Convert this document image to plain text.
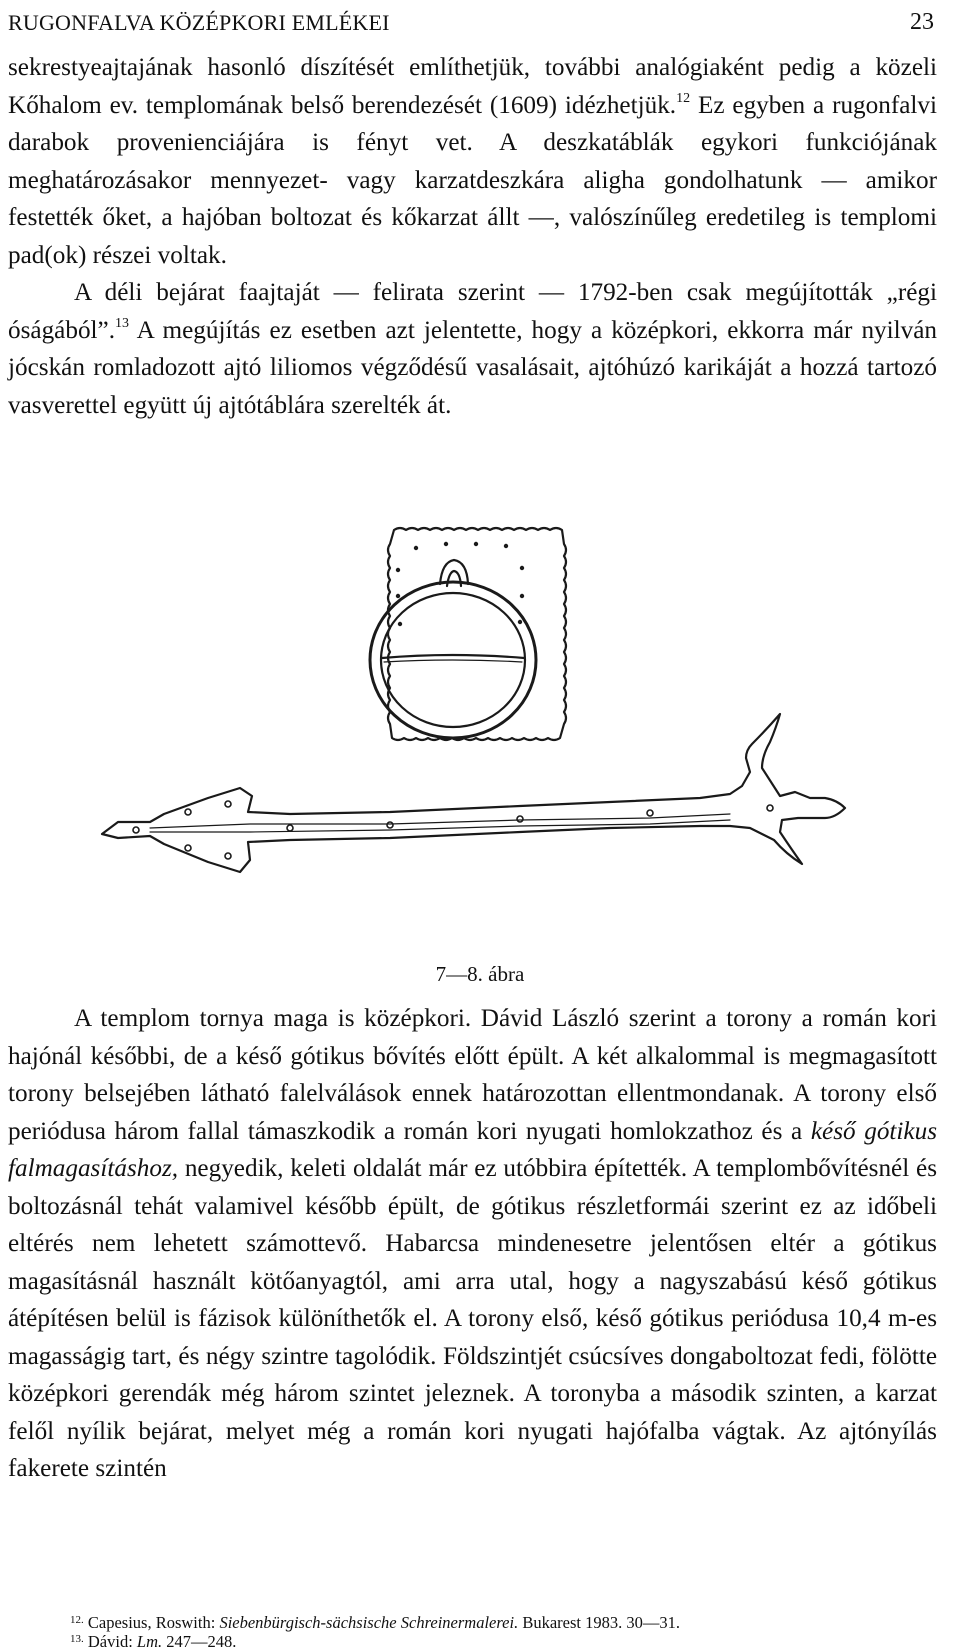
RUGONFALVA KÖZÉPKORI EMLÉKEI	23

sekrestyeajtajának hasonló díszítését említhetjük, további analógiaként pedig a közeli Kőhalom ev. templomának belső berendezését (1609) idézhetjük.$^{12}$ Ez egyben a rugonfalvi darabok provenienciájára is fényt vet. A deszkatáblák egykori funkciójának meghatározásakor mennyezet- vagy karzatdeszkára aligha gondolhatunk — amikor festették őket, a hajóban boltozat és kőkarzat állt —, valószínűleg eredetileg is templomi pad(ok) részei voltak.
A déli bejárat faajtaját — felirata szerint — 1792-ben csak megújították „régi óságából”.$^{13}$ A megújítás ez esetben azt jelentette, hogy a középkori, ekkorra már nyilván jócskán romladozott ajtó liliomos végződésű vasalásait, ajtóhúzó karikáját a hozzá tartozó vasverettel együtt új ajtótáblára szerelték át.

7—8. ábra

A templom tornya maga is középkori. Dávid László szerint a torony a román kori hajónál későbbi, de a késő gótikus bővítés előtt épült. A két alkalommal is megmagasított torony belsejében látható falelválások ennek határozottan ellentmondanak. A torony első periódusa három fallal támaszkodik a román kori nyugati homlokzathoz és a késő gótikus falmagasításhoz, negyedik, keleti oldalát már ez utóbbira építették. A templombővítésnél és boltozásnál tehát valamivel később épült, de gótikus részletformái szerint ez az időbeli eltérés nem lehetett számottevő. Habarcsa mindenesetre jelentősen eltér a gótikus magasításnál használt kötőanyagtól, ami arra utal, hogy a nagyszabású késő gótikus átépítésen belül is fázisok különíthetők el. A torony első, késő gótikus periódusa 10,4 m-es magasságig tart, és négy szintre tagolódik. Földszintjét csúcsíves dongaboltozat fedi, fölötte középkori gerendák még három szintet jeleznek. A toronyba a második szinten, a karzat felől nyílik bejárat, melyet még a román kori nyugati hajófalba vágtak. Az ajtónyílás fakerete szintén

$^{12.}$ Capesius, Roswith: Siebenbürgisch-sächsische Schreinermalerei. Bukarest 1983. 30—31.
$^{13.}$ Dávid: Lm. 247—248.
